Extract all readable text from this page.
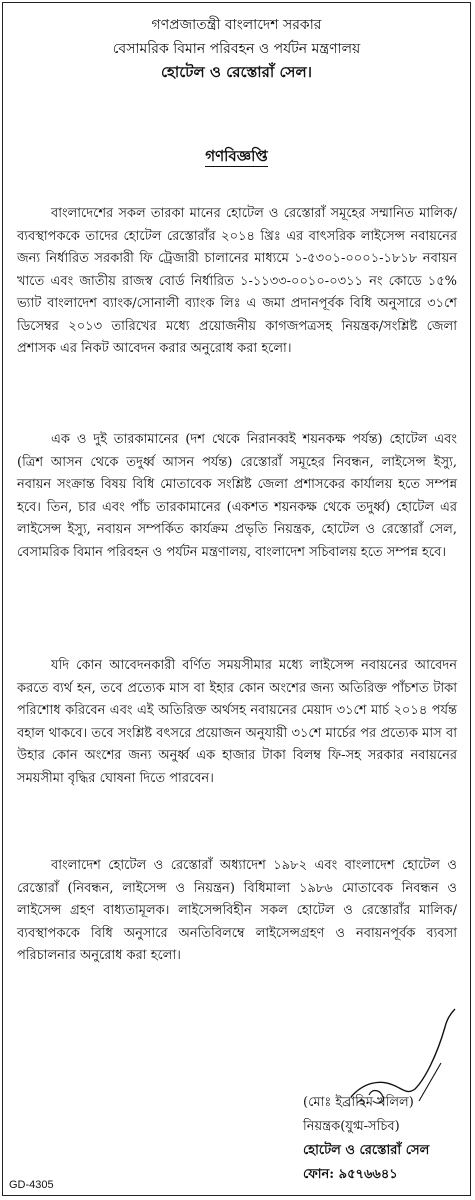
গণপ্রজাতন্ত্রী বাংলাদেশ সরকার
বেসামরিক বিমান পরিবহন ও পর্যটন মন্ত্রণালয়
হোটেল ও রেস্তোরাঁ সেল।
গণবিজ্ঞপ্তি

বাংলাদেশের সকল তারকা মানের হোটেল ও রেস্তোরাঁ সমূহের সম্মানিত মালিক/ব্যবস্থাপককে তাদের হোটেল রেস্তোরাঁর ২০১৪ খ্রিঃ এর বাৎসরিক লাইসেন্স নবায়নের জন্য নির্ধারিত সরকারী ফি ট্রেজারী চালানের মাধ্যমে ১-৫৩০১-০০০১-১৮১৮ নবায়ন খাতে এবং জাতীয় রাজস্ব বোর্ড নির্ধারিত ১-১১৩৩-০০১০-০৩১১ নং কোডে ১৫% ভ্যাট বাংলাদেশ ব্যাংক/সোনালী ব্যাংক লিঃ এ জমা প্রদানপূর্বক বিধি অনুসারে ৩১শে ডিসেম্বর ২০১৩ তারিখের মধ্যে প্রয়োজনীয় কাগজপত্রসহ নিয়ন্ত্রক/সংশ্লিষ্ট জেলা প্রশাসক এর নিকট আবেদন করার অনুরোধ করা হলো।

এক ও দুই তারকামানের (দশ থেকে নিরানব্বই শয়নকক্ষ পর্যন্ত) হোটেল এবং (ত্রিশ আসন থেকে তদুর্ধ্ব আসন পর্যন্ত) রেস্তোরাঁ সমূহের নিবন্ধন, লাইসেন্স ইস্যু, নবায়ন সংক্রান্ত বিষয় বিধি মোতাবেক সংশ্লিষ্ট জেলা প্রশাসকের কার্যালয় হতে সম্পন্ন হবে। তিন, চার এবং পাঁচ তারকামানের (একশত শয়নকক্ষ থেকে তদুর্ধ্ব) হোটেল এর লাইসেন্স ইস্যু, নবায়ন সম্পর্কিত কার্যক্রম প্রভৃতি নিয়ন্ত্রক, হোটেল ও রেস্তোরাঁ সেল, বেসামরিক বিমান পরিবহন ও পর্যটন মন্ত্রণালয়, বাংলাদেশ সচিবালয় হতে সম্পন্ন হবে।

যদি কোন আবেদনকারী বর্ণিত সময়সীমার মধ্যে লাইসেন্স নবায়নের আবেদন করতে ব্যর্থ হন, তবে প্রত্যেক মাস বা ইহার কোন অংশের জন্য অতিরিক্ত পাঁচশত টাকা পরিশোধ করিবেন এবং এই অতিরিক্ত অর্থসহ নবায়নের মেয়াদ ৩১শে মার্চ ২০১৪ পর্যন্ত বহাল থাকবে। তবে সংশ্লিষ্ট বৎসরে প্রয়োজন অনুযায়ী ৩১শে মার্চের পর প্রত্যেক মাস বা উহার কোন অংশের জন্য অনুর্ধ্ব এক হাজার টাকা বিলম্ব ফি-সহ সরকার নবায়নের সময়সীমা বৃদ্ধির ঘোষনা দিতে পারবেন।

বাংলাদেশ হোটেল ও রেস্তোরাঁ অধ্যাদেশ ১৯৮২ এবং বাংলাদেশ হোটেল ও রেস্তোরাঁ (নিবন্ধন, লাইসেন্স ও নিয়ন্ত্রন) বিধিমালা ১৯৮৬ মোতাবেক নিবন্ধন ও লাইসেন্স গ্রহণ বাধ্যতামূলক। লাইসেন্সবিহীন সকল হোটেল ও রেস্তোরাঁর মালিক/ব্যবস্থাপককে বিধি অনুসারে অনতিবিলম্বে লাইসেন্সগ্রহণ ও নবায়নপূর্বক ব্যবসা পরিচালনার অনুরোধ করা হলো।

(মোঃ ইব্রাহিম খলিল)
নিয়ন্ত্রক(যুগ্ম-সচিব)
হোটেল ও রেস্তোরাঁ সেল
ফোন: ৯৫৭৬৬৪১
GD-4305
